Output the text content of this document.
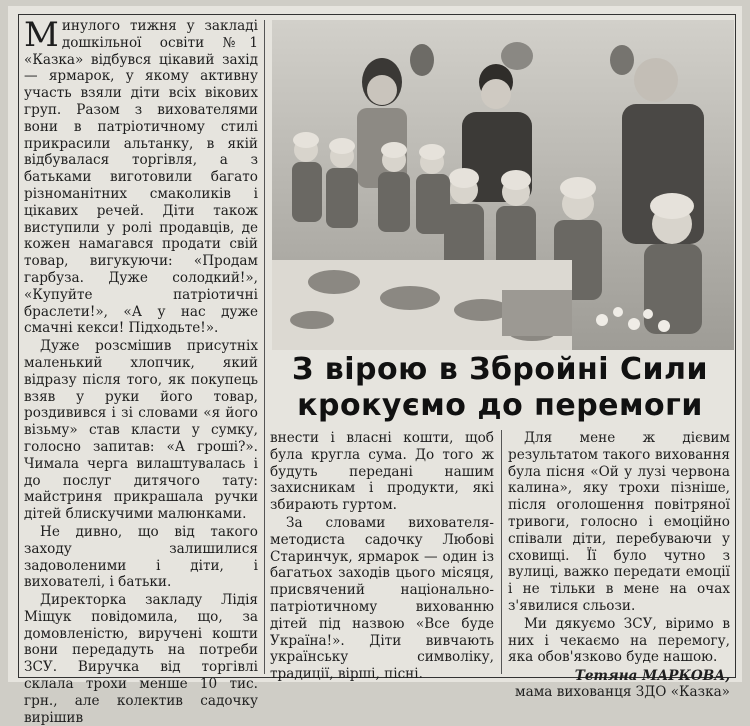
Минулого тижня у закладі дошкільної освіти №1 «Казка» відбувся цікавий захід — ярмарок, у якому активну участь взяли діти всіх вікових груп. Разом з вихователями вони в патріотичному стилі прикрасили альтанку, в якій відбувалася торгівля, а з батьками виготовили багато різноманітних смаколиків і цікавих речей. Діти також виступили у ролі продавців, де кожен намагався продати свій товар, вигукуючи: «Продам гарбуза. Дуже солодкий!», «Купуйте патріотичні браслети!», «А у нас дуже смачні кекси! Підходьте!».

Дуже розсмішив присутніх маленький хлопчик, який відразу після того, як покупець взяв у руки його товар, роздивився і зі словами «я його візьму» став класти у сумку, голосно запитав: «А гроші?». Чимала черга вилаштувалась і до послуг дитячого тату: майстриня прикрашала ручки дітей блискучими малюнками.

Не дивно, що від такого заходу залишилися задоволеними і діти, і вихователі, і батьки.

Директорка закладу Лідія Міщук повідомила, що, за домовленістю, виручені кошти вони передадуть на потреби ЗСУ. Виручка від торгівлі склала трохи менше 10 тис. грн., але колектив садочку вирішив

З вірою в Збройні Сили
крокуємо до перемоги

внести і власні кошти, щоб була кругла сума. До того ж будуть передані нашим захисникам і продукти, які збирають гуртом.

За словами вихователя-методиста садочку Любові Старинчук, ярмарок — один із багатьох заходів цього місяця, присвячений національно-патріотичному вихованню дітей під назвою «Все буде Україна!». Діти вивчають українську символіку, традиції, вірші, пісні.

Для мене ж дієвим результатом такого виховання була пісня «Ой у лузі червона калина», яку трохи пізніше, після оголошення повітряної тривоги, голосно і емоційно співали діти, перебуваючи у сховищі. Її було чутно з вулиці, важко передати емоції і не тільки в мене на очах з'явилися сльози.

Ми дякуємо ЗСУ, віримо в них і чекаємо на перемогу, яка обов'язково буде нашою.

Тетяна МАРКОВА,
мама вихованця ЗДО «Казка»
